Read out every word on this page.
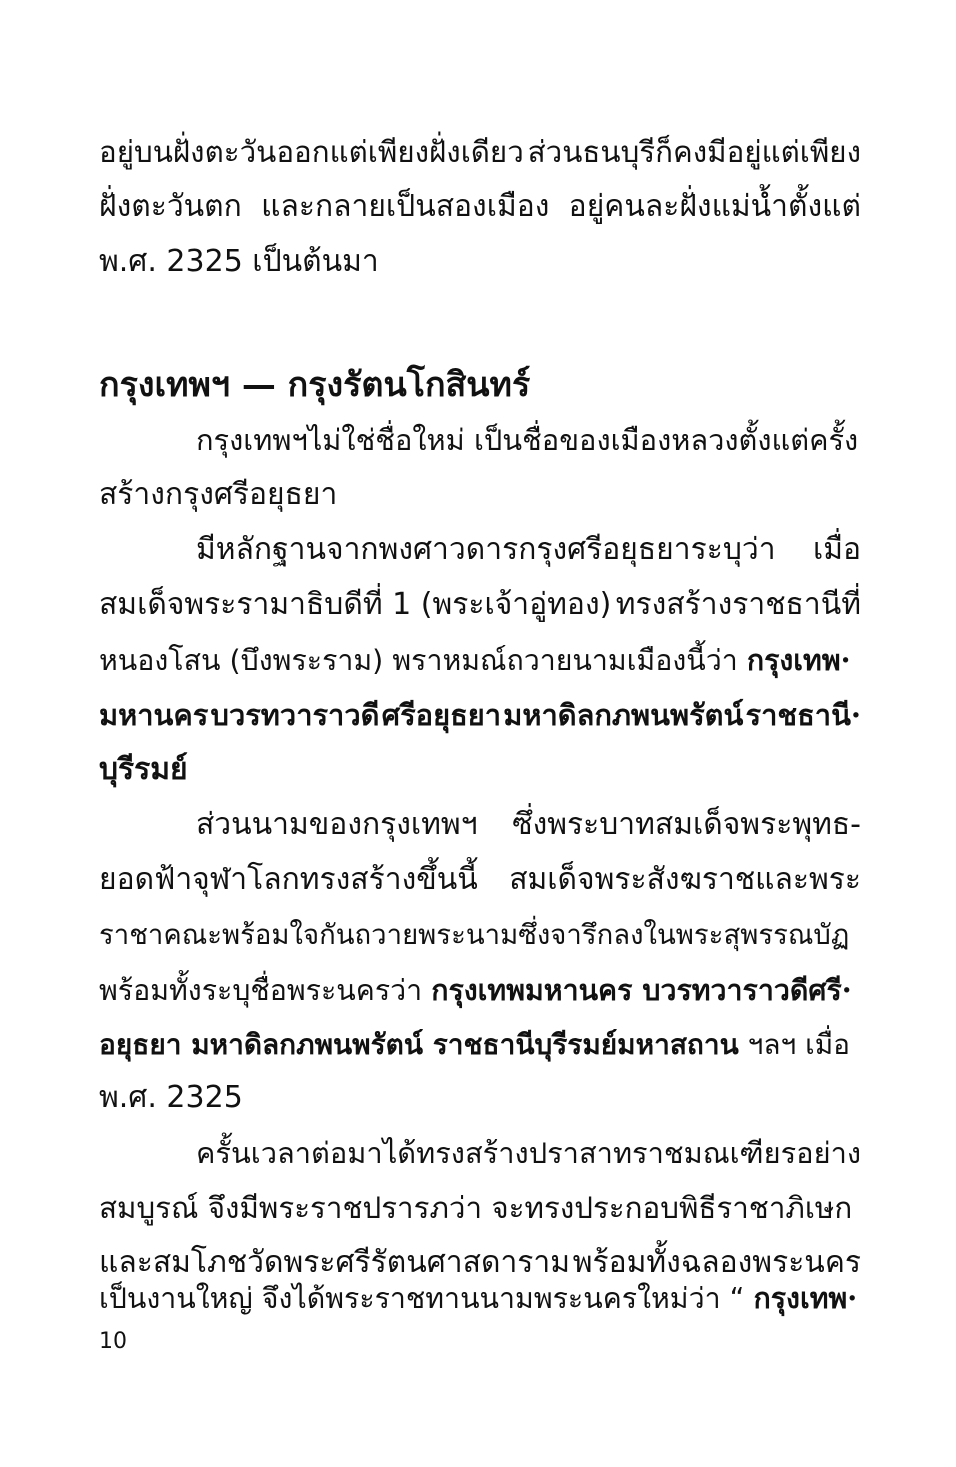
อยู่บนฝั่งตะวันออกแต่เพียงฝั่งเดียว ส่วนธนบุรีก็คงมีอยู่แต่เพียง
ฝั่งตะวันตก และกลายเป็นสองเมือง อยู่คนละฝั่งแม่น้ำตั้งแต่
พ.ศ. 2325 เป็นต้นมา
กรุงเทพฯ — กรุงรัตนโกสินทร์
กรุงเทพฯไม่ใช่ชื่อใหม่ เป็นชื่อของเมืองหลวงตั้งแต่ครั้ง
สร้างกรุงศรีอยุธยา
มีหลักฐานจากพงศาวดารกรุงศรีอยุธยาระบุว่า เมื่อ
สมเด็จพระรามาธิบดีที่ 1 (พระเจ้าอู่ทอง) ทรงสร้างราชธานีที่
หนองโสน (บึงพระราม) พราหมณ์ถวายนามเมืองนี้ว่า กรุงเทพ·
มหานคร บวรทวาราวดี ศรีอยุธยา มหาดิลกภพนพรัตน์ ราชธานี·
บุรีรมย์
ส่วนนามของกรุงเทพฯ ซึ่งพระบาทสมเด็จพระพุทธ-
ยอดฟ้าจุฬาโลกทรงสร้างขึ้นนี้ สมเด็จพระสังฆราชและพระ
ราชาคณะพร้อมใจกันถวายพระนามซึ่งจารึกลงในพระสุพรรณบัฏ
พร้อมทั้งระบุชื่อพระนครว่า กรุงเทพมหานคร บวรทวาราวดีศรี·
อยุธยา มหาดิลกภพนพรัตน์ ราชธานีบุรีรมย์มหาสถาน ฯลฯ เมื่อ
พ.ศ. 2325
ครั้นเวลาต่อมาได้ทรงสร้างปราสาทราชมณเฑียรอย่าง
สมบูรณ์ จึงมีพระราชปรารภว่า จะทรงประกอบพิธีราชาภิเษก
และสมโภชวัดพระศรีรัตนศาสดาราม พร้อมทั้งฉลองพระนคร
เป็นงานใหญ่ จึงได้พระราชทานนามพระนครใหม่ว่า “ กรุงเทพ·
10
